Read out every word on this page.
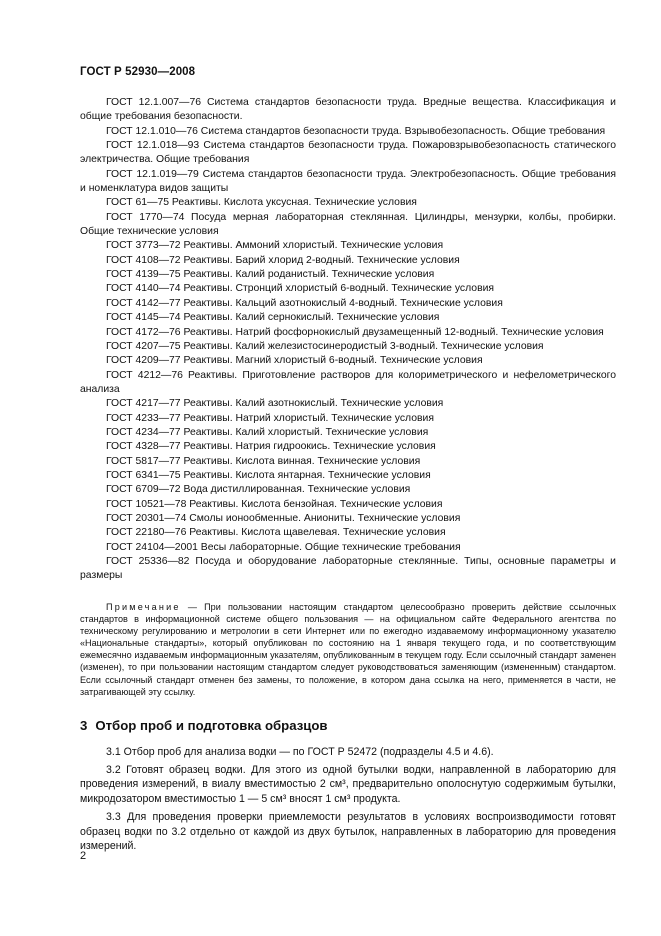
ГОСТ Р 52930—2008

ГОСТ 12.1.007—76 Система стандартов безопасности труда. Вредные вещества. Классификация и общие требования безопасности.

ГОСТ 12.1.010—76 Система стандартов безопасности труда. Взрывобезопасность. Общие требования

ГОСТ 12.1.018—93 Система стандартов безопасности труда. Пожаровзрывобезопасность статического электричества. Общие требования

ГОСТ 12.1.019—79 Система стандартов безопасности труда. Электробезопасность. Общие требования и номенклатура видов защиты

ГОСТ 61—75 Реактивы. Кислота уксусная. Технические условия

ГОСТ 1770—74 Посуда мерная лабораторная стеклянная. Цилиндры, мензурки, колбы, пробирки. Общие технические условия

ГОСТ 3773—72 Реактивы. Аммоний хлористый. Технические условия

ГОСТ 4108—72 Реактивы. Барий хлорид 2-водный. Технические условия

ГОСТ 4139—75 Реактивы. Калий роданистый. Технические условия

ГОСТ 4140—74 Реактивы. Стронций хлористый 6-водный. Технические условия

ГОСТ 4142—77 Реактивы. Кальций азотнокислый 4-водный. Технические условия

ГОСТ 4145—74 Реактивы. Калий сернокислый. Технические условия

ГОСТ 4172—76 Реактивы. Натрий фосфорнокислый двузамещенный 12-водный. Технические условия

ГОСТ 4207—75 Реактивы. Калий железистосинеродистый 3-водный. Технические условия

ГОСТ 4209—77 Реактивы. Магний хлористый 6-водный. Технические условия

ГОСТ 4212—76 Реактивы. Приготовление растворов для колориметрического и нефелометрического анализа

ГОСТ 4217—77 Реактивы. Калий азотнокислый. Технические условия

ГОСТ 4233—77 Реактивы. Натрий хлористый. Технические условия

ГОСТ 4234—77 Реактивы. Калий хлористый. Технические условия

ГОСТ 4328—77 Реактивы. Натрия гидроокись. Технические условия

ГОСТ 5817—77 Реактивы. Кислота винная. Технические условия

ГОСТ 6341—75 Реактивы. Кислота янтарная. Технические условия

ГОСТ 6709—72 Вода дистиллированная. Технические условия

ГОСТ 10521—78 Реактивы. Кислота бензойная. Технические условия

ГОСТ 20301—74 Смолы ионообменные. Аниониты. Технические условия

ГОСТ 22180—76 Реактивы. Кислота щавелевая. Технические условия

ГОСТ 24104—2001 Весы лабораторные. Общие технические требования

ГОСТ 25336—82 Посуда и оборудование лабораторные стеклянные. Типы, основные параметры и размеры

Примечание — При пользовании настоящим стандартом целесообразно проверить действие ссылочных стандартов в информационной системе общего пользования — на официальном сайте Федерального агентства по техническому регулированию и метрологии в сети Интернет или по ежегодно издаваемому информационному указателю «Национальные стандарты», который опубликован по состоянию на 1 января текущего года, и по соответствующим ежемесячно издаваемым информационным указателям, опубликованным в текущем году. Если ссылочный стандарт заменен (изменен), то при пользовании настоящим стандартом следует руководствоваться заменяющим (измененным) стандартом. Если ссылочный стандарт отменен без замены, то положение, в котором дана ссылка на него, применяется в части, не затрагивающей эту ссылку.
3 Отбор проб и подготовка образцов

3.1 Отбор проб для анализа водки — по ГОСТ Р 52472 (подразделы 4.5 и 4.6).

3.2 Готовят образец водки. Для этого из одной бутылки водки, направленной в лабораторию для проведения измерений, в виалу вместимостью 2 см³, предварительно ополоснутую содержимым бутылки, микродозатором вместимостью 1 — 5 см³ вносят 1 см³ продукта.

3.3 Для проведения проверки приемлемости результатов в условиях воспроизводимости готовят образец водки по 3.2 отдельно от каждой из двух бутылок, направленных в лабораторию для проведения измерений.

2
